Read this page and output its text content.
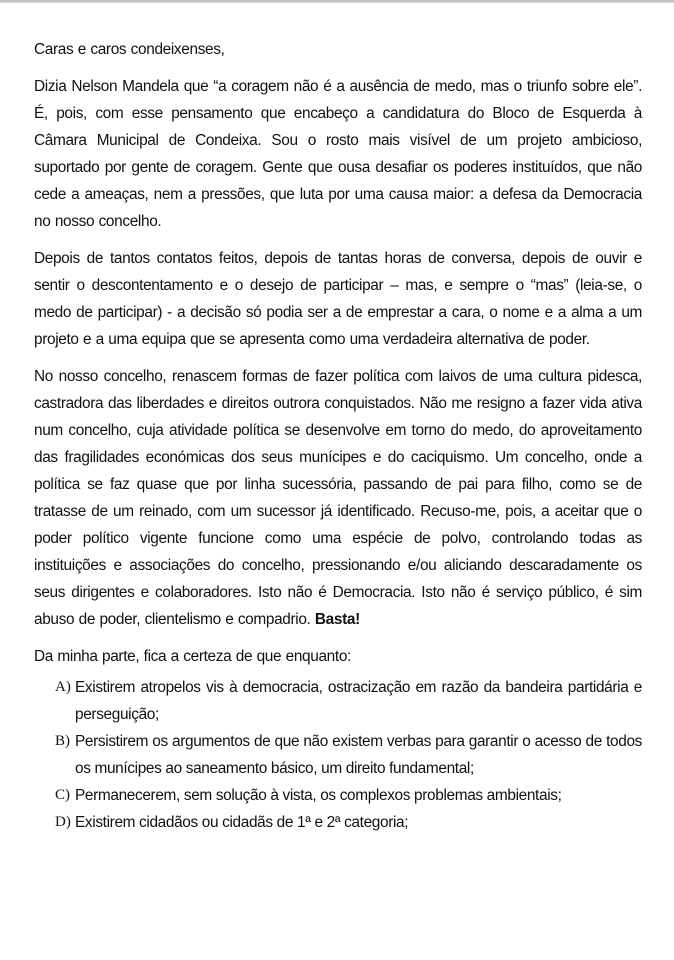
Caras e caros condeixenses,

Dizia Nelson Mandela que “a coragem não é a ausência de medo, mas o triunfo sobre ele”. É, pois, com esse pensamento que encabeço a candidatura do Bloco de Esquerda à Câmara Municipal de Condeixa. Sou o rosto mais visível de um projeto ambicioso, suportado por gente de coragem. Gente que ousa desafiar os poderes instituídos, que não cede a ameaças, nem a pressões, que luta por uma causa maior: a defesa da Democracia no nosso concelho.

Depois de tantos contatos feitos, depois de tantas horas de conversa, depois de ouvir e sentir o descontentamento e o desejo de participar – mas, e sempre o “mas” (leia-se, o medo de participar) - a decisão só podia ser a de emprestar a cara, o nome e a alma a um projeto e a uma equipa que se apresenta como uma verdadeira alternativa de poder.

No nosso concelho, renascem formas de fazer política com laivos de uma cultura pidesca, castradora das liberdades e direitos outrora conquistados. Não me resigno a fazer vida ativa num concelho, cuja atividade política se desenvolve em torno do medo, do aproveitamento das fragilidades económicas dos seus munícipes e do caciquismo. Um concelho, onde a política se faz quase que por linha sucessória, passando de pai para filho, como se de tratasse de um reinado, com um sucessor já identificado. Recuso-me, pois, a aceitar que o poder político vigente funcione como uma espécie de polvo, controlando todas as instituições e associações do concelho, pressionando e/ou aliciando descaradamente os seus dirigentes e colaboradores. Isto não é Democracia. Isto não é serviço público, é sim abuso de poder, clientelismo e compadrio. Basta!

Da minha parte, fica a certeza de que enquanto:

A) Existirem atropelos vis à democracia, ostracização em razão da bandeira partidária e perseguição;
B) Persistirem os argumentos de que não existem verbas para garantir o acesso de todos os munícipes ao saneamento básico, um direito fundamental;
C) Permanecerem, sem solução à vista, os complexos problemas ambientais;
D) Existirem cidadãos ou cidadãs de 1ª e 2ª categoria;
